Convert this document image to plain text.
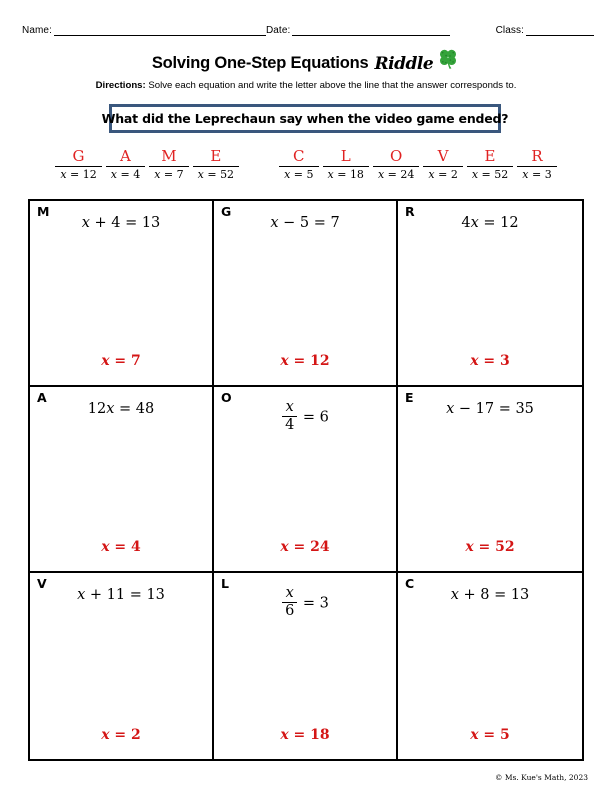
Name:	Date:	Class:
Solving One-Step Equations Riddle
Directions: Solve each equation and write the letter above the line that the answer corresponds to.
What did the Leprechaun say when the video game ended?
G
x = 12
A
x = 4
M
x = 7
E
x = 52
C
x = 5
L
x = 18
O
x = 24
V
x = 2
E
x = 52
R
x = 3
M
x + 4 = 13
x = 7
G
x − 5 = 7
x = 12
R
4x = 12
x = 3
A
12x = 48
x = 4
O
$\frac{x}{4} = 6$
x = 24
E
x − 17 = 35
x = 52
V
x + 11 = 13
x = 2
L
$\frac{x}{6} = 3$
x = 18
C
x + 8 = 13
x = 5
© Ms. Kue's Math, 2023
